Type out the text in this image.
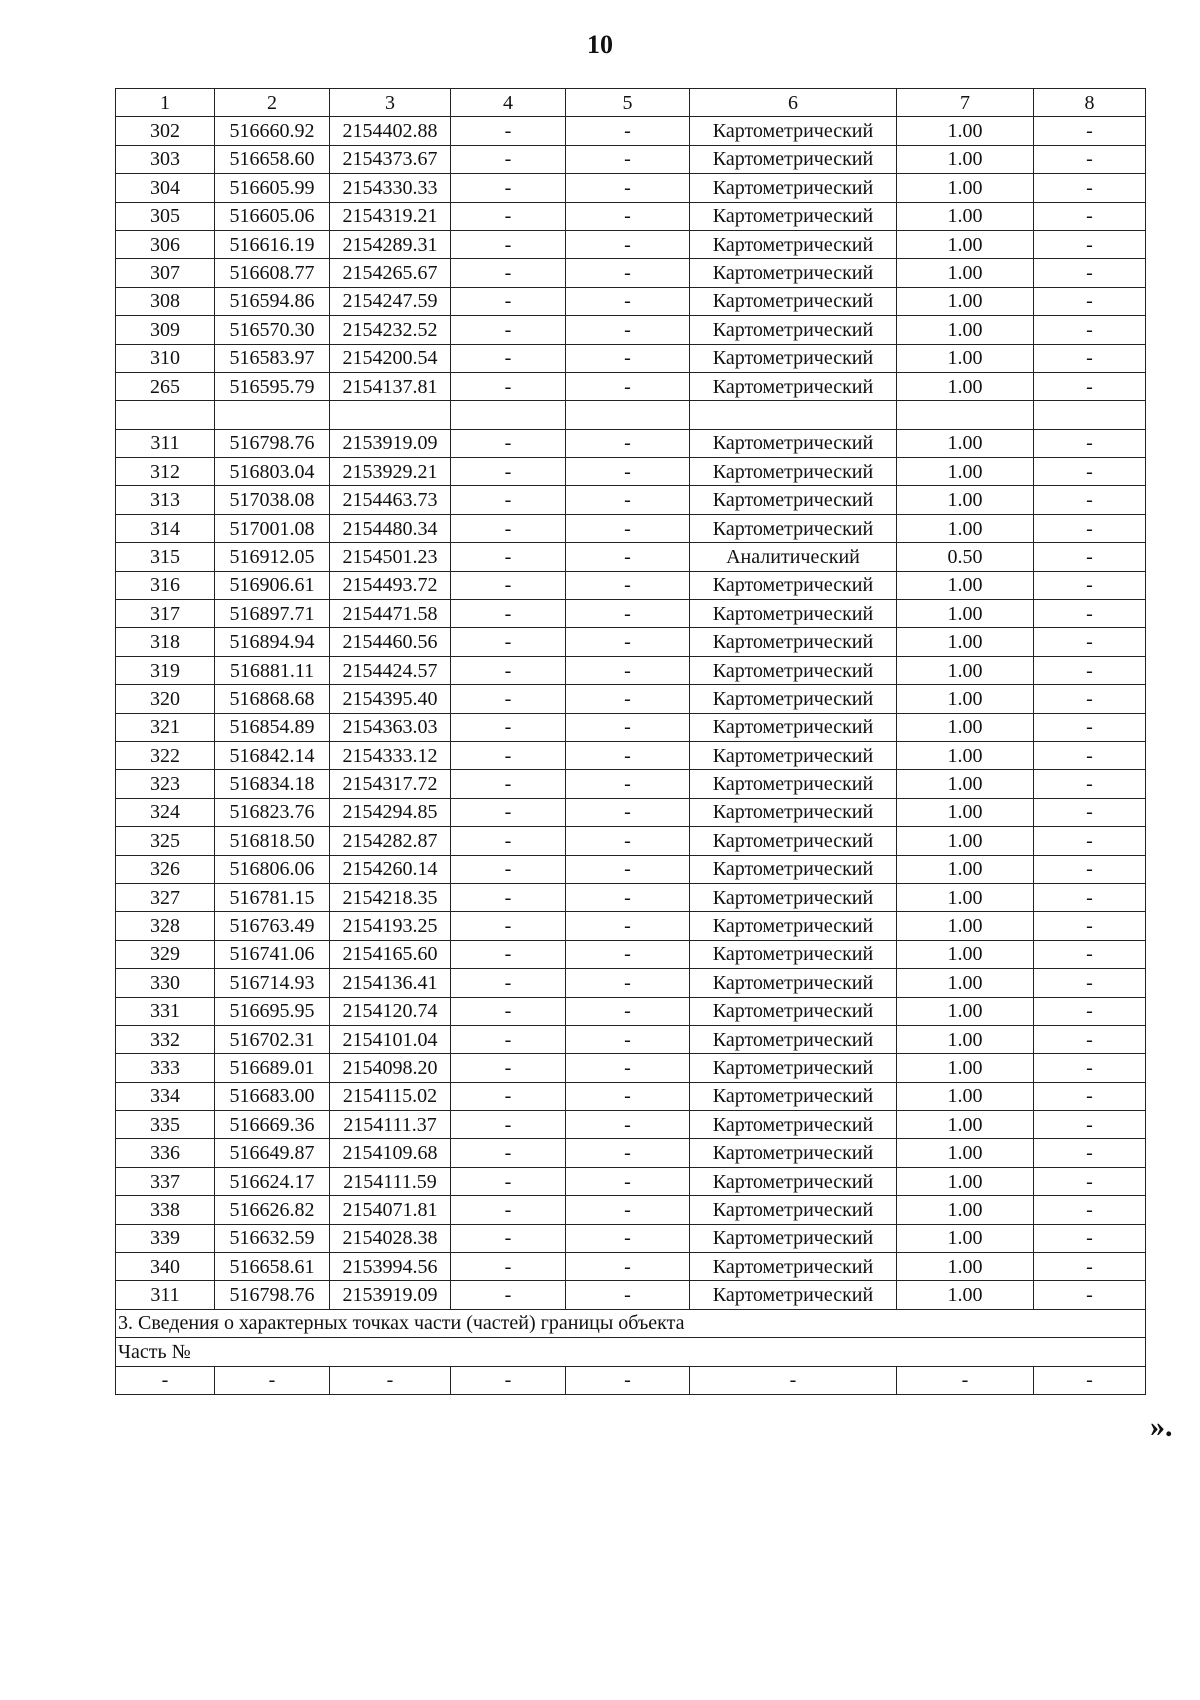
10
1	2	3	4	5	6	7	8
302	516660.92	2154402.88	-	-	Картометрический	1.00	-
303	516658.60	2154373.67	-	-	Картометрический	1.00	-
304	516605.99	2154330.33	-	-	Картометрический	1.00	-
305	516605.06	2154319.21	-	-	Картометрический	1.00	-
306	516616.19	2154289.31	-	-	Картометрический	1.00	-
307	516608.77	2154265.67	-	-	Картометрический	1.00	-
308	516594.86	2154247.59	-	-	Картометрический	1.00	-
309	516570.30	2154232.52	-	-	Картометрический	1.00	-
310	516583.97	2154200.54	-	-	Картометрический	1.00	-
265	516595.79	2154137.81	-	-	Картометрический	1.00	-

311	516798.76	2153919.09	-	-	Картометрический	1.00	-
312	516803.04	2153929.21	-	-	Картометрический	1.00	-
313	517038.08	2154463.73	-	-	Картометрический	1.00	-
314	517001.08	2154480.34	-	-	Картометрический	1.00	-
315	516912.05	2154501.23	-	-	Аналитический	0.50	-
316	516906.61	2154493.72	-	-	Картометрический	1.00	-
317	516897.71	2154471.58	-	-	Картометрический	1.00	-
318	516894.94	2154460.56	-	-	Картометрический	1.00	-
319	516881.11	2154424.57	-	-	Картометрический	1.00	-
320	516868.68	2154395.40	-	-	Картометрический	1.00	-
321	516854.89	2154363.03	-	-	Картометрический	1.00	-
322	516842.14	2154333.12	-	-	Картометрический	1.00	-
323	516834.18	2154317.72	-	-	Картометрический	1.00	-
324	516823.76	2154294.85	-	-	Картометрический	1.00	-
325	516818.50	2154282.87	-	-	Картометрический	1.00	-
326	516806.06	2154260.14	-	-	Картометрический	1.00	-
327	516781.15	2154218.35	-	-	Картометрический	1.00	-
328	516763.49	2154193.25	-	-	Картометрический	1.00	-
329	516741.06	2154165.60	-	-	Картометрический	1.00	-
330	516714.93	2154136.41	-	-	Картометрический	1.00	-
331	516695.95	2154120.74	-	-	Картометрический	1.00	-
332	516702.31	2154101.04	-	-	Картометрический	1.00	-
333	516689.01	2154098.20	-	-	Картометрический	1.00	-
334	516683.00	2154115.02	-	-	Картометрический	1.00	-
335	516669.36	2154111.37	-	-	Картометрический	1.00	-
336	516649.87	2154109.68	-	-	Картометрический	1.00	-
337	516624.17	2154111.59	-	-	Картометрический	1.00	-
338	516626.82	2154071.81	-	-	Картометрический	1.00	-
339	516632.59	2154028.38	-	-	Картометрический	1.00	-
340	516658.61	2153994.56	-	-	Картометрический	1.00	-
311	516798.76	2153919.09	-	-	Картометрический	1.00	-
3. Сведения о характерных точках части (частей) границы объекта							
Часть №							
-	-	-	-	-	-	-	-
».
